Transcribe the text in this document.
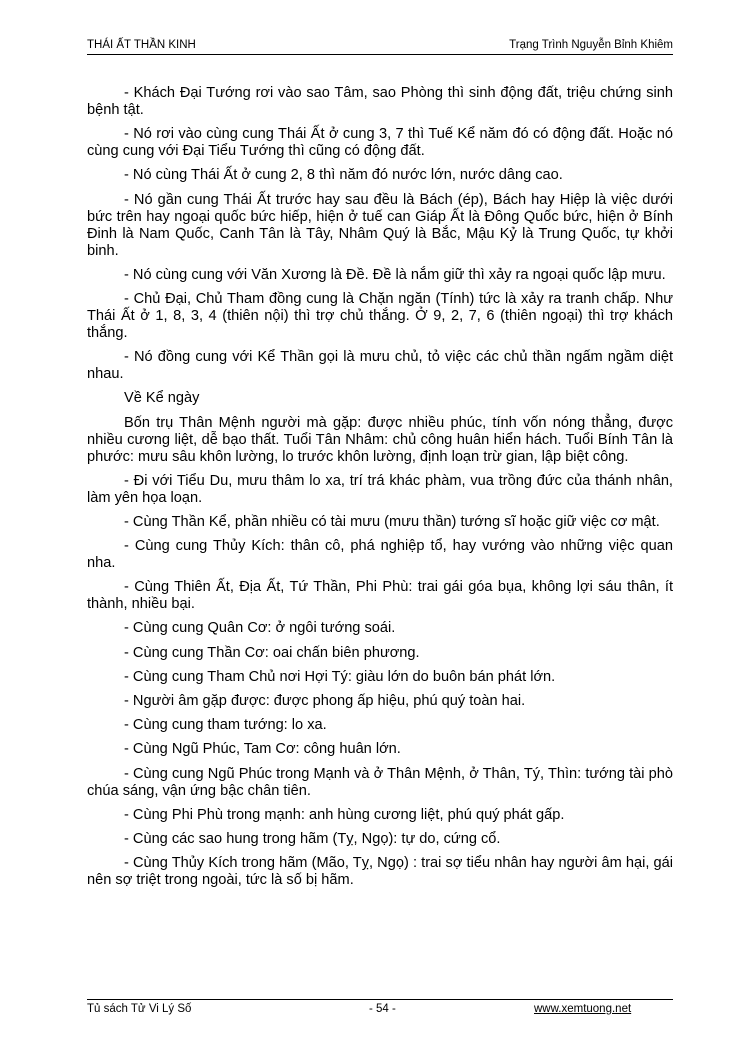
THÁI ẤT THẦN KINH	Trạng Trình Nguyễn Bỉnh Khiêm

- Khách Đại Tướng rơi vào sao Tâm, sao Phòng thì sinh động đất, triệu chứng sinh bệnh tật.

- Nó rơi vào cùng cung Thái Ất ở cung 3, 7 thì Tuế Kể năm đó có động đất. Hoặc nó cùng cung với Đại Tiểu Tướng thì cũng có động đất.

- Nó cùng Thái Ất ở cung 2, 8 thì năm đó nước lớn, nước dâng cao.

- Nó gần cung Thái Ất trước hay sau đều là Bách (ép), Bách hay Hiệp là việc dưới bức trên hay ngoại quốc bức hiếp, hiện ở tuế can Giáp Ất là Đông Quốc bức, hiện ở Bính Đinh là Nam Quốc, Canh Tân là Tây, Nhâm Quý là Bắc, Mậu Kỷ là Trung Quốc, tự khởi binh.

- Nó cùng cung với Văn Xương là Đề. Đề là nắm giữ thì xảy ra ngoại quốc lập mưu.

- Chủ Đại, Chủ Tham đồng cung là Chặn ngăn (Tính) tức là xảy ra tranh chấp. Như Thái Ất ở 1, 8, 3, 4 (thiên nội) thì trợ chủ thắng. Ở 9, 2, 7, 6 (thiên ngoại) thì trợ khách thắng.

- Nó đồng cung với Kể Thần gọi là mưu chủ, tỏ việc các chủ thần ngấm ngầm diệt nhau.

Về Kể ngày

Bốn trụ Thân Mệnh người mà gặp: được nhiều phúc, tính vốn nóng thẳng, được nhiều cương liệt, dễ bạo thất. Tuổi Tân Nhâm: chủ công huân hiển hách. Tuổi Bính Tân là phước: mưu sâu khôn lường, lo trước khôn lường, định loạn trừ gian, lập biệt công.

- Đi với Tiểu Du, mưu thâm lo xa, trí trá khác phàm, vua trồng đức của thánh nhân, làm yên họa loạn.

- Cùng Thần Kể, phần nhiều có tài mưu (mưu thần) tướng sĩ hoặc giữ việc cơ mật.

- Cùng cung Thủy Kích: thân cô, phá nghiệp tổ, hay vướng vào những việc quan nha.

- Cùng Thiên Ất, Địa Ất, Tứ Thần, Phi Phù: trai gái góa bụa, không lợi sáu thân, ít thành, nhiều bại.

- Cùng cung Quân Cơ: ở ngôi tướng soái.

- Cùng cung Thần Cơ: oai chấn biên phương.

- Cùng cung Tham Chủ nơi Hợi Tý: giàu lớn do buôn bán phát lớn.

- Người âm gặp được: được phong ấp hiệu, phú quý toàn hai.

- Cùng cung tham tướng: lo xa.

- Cùng Ngũ Phúc, Tam Cơ: công huân lớn.

- Cùng cung Ngũ Phúc trong Mạnh và ở Thân Mệnh, ở Thân, Tý, Thìn: tướng tài phò chúa sáng, vận ứng bậc chân tiên.

- Cùng Phi Phù trong mạnh: anh hùng cương liệt, phú quý phát gấp.

- Cùng các sao hung trong hãm (Tỵ, Ngọ): tự do, cứng cổ.

- Cùng Thủy Kích trong hãm (Mão, Tỵ, Ngọ) : trai sợ tiểu nhân hay người âm hại, gái nên sợ triệt trong ngoài, tức là số bị hãm.

Tủ sách Tử Vi Lý Số	- 54 -	www.xemtuong.net
